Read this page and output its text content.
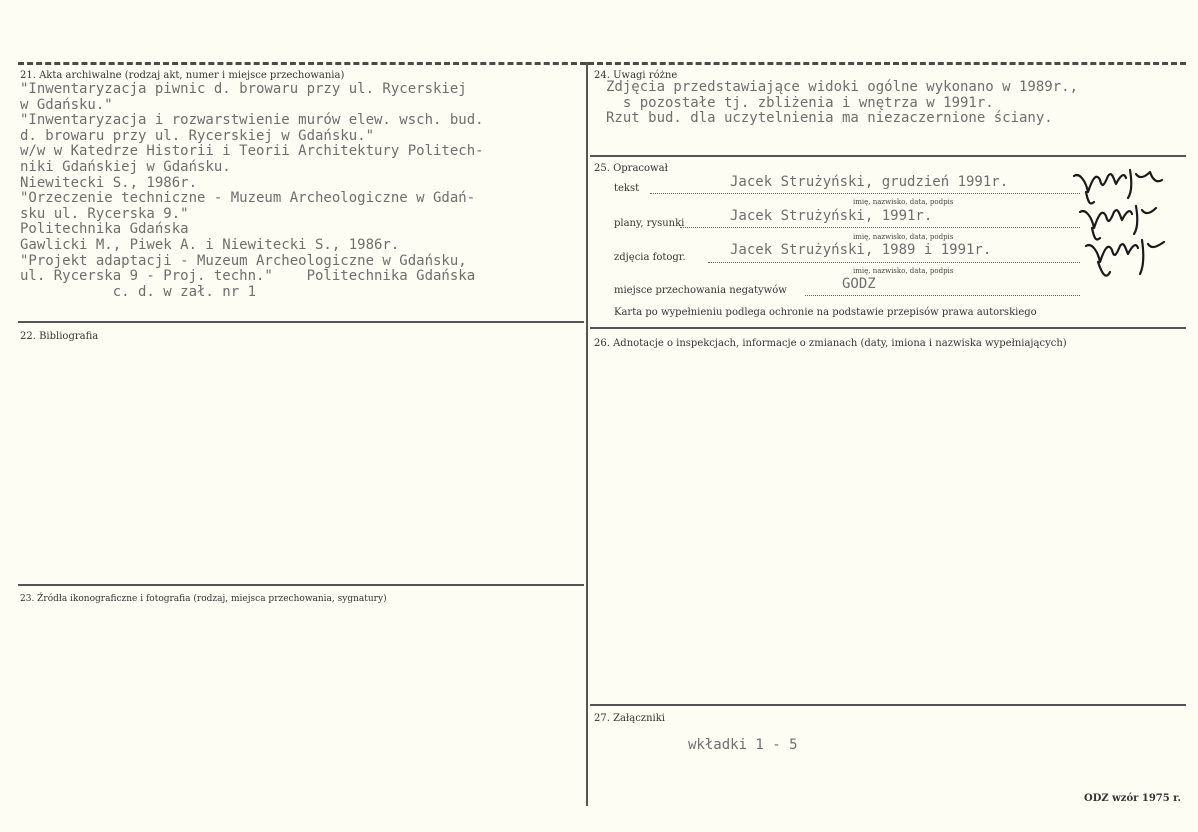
21. Akta archiwalne (rodzaj akt, numer i miejsce przechowania)
"Inwentaryzacja piwnic d. browaru przy ul. Rycerskiej
w Gdańsku."
"Inwentaryzacja i rozwarstwienie murów elew. wsch. bud.
d. browaru przy ul. Rycerskiej w Gdańsku."
w/w w Katedrze Historii i Teorii Architektury Politech-
niki Gdańskiej w Gdańsku.
Niewitecki S., 1986r.
"Orzeczenie techniczne - Muzeum Archeologiczne w Gdań-
sku ul. Rycerska 9."
Politechnika Gdańska
Gawlicki M., Piwek A. i Niewitecki S., 1986r.
"Projekt adaptacji - Muzeum Archeologiczne w Gdańsku,
ul. Rycerska 9 - Proj. techn."    Politechnika Gdańska
c. d. w zał. nr 1
22. Bibliografia
23. Źródła ikonograficzne i fotografia (rodzaj, miejsca przechowania, sygnatury)
24. Uwagi różne
Zdjęcia przedstawiające widoki ogólne wykonano w 1989r.,
s pozostałe tj. zbliżenia i wnętrza w 1991r.
Rzut bud. dla uczytelnienia ma niezaczernione ściany.
25. Opracował
tekst	Jacek Strużyński, grudzień 1991r.
imię, nazwisko, data, podpis
plany, rysunki	Jacek Strużyński, 1991r.
imię, nazwisko, data, podpis
zdjęcia fotogr.	Jacek Strużyński, 1989 i 1991r.
imię, nazwisko, data, podpis
miejsce przechowania negatywów	GODZ
Karta po wypełnieniu podlega ochronie na podstawie przepisów prawa autorskiego
26. Adnotacje o inspekcjach, informacje o zmianach (daty, imiona i nazwiska wypełniających)
27. Załączniki
wkładki 1 - 5
ODZ wzór 1975 r.
